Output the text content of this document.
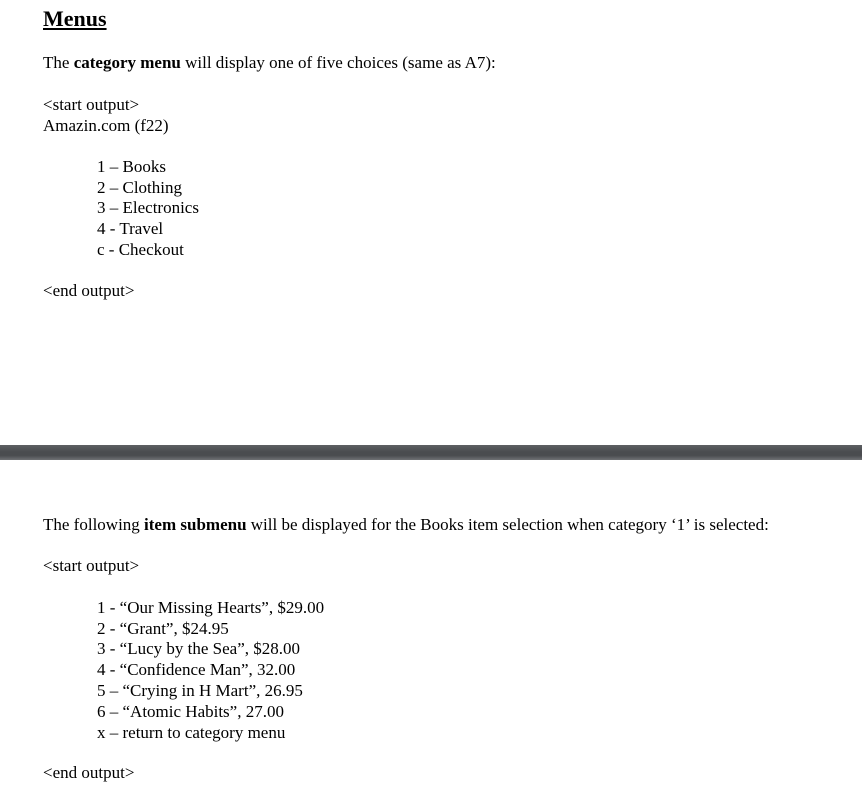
Menus
The category menu will display one of five choices (same as A7):
<start output>
Amazin.com (f22)
1 – Books
2 – Clothing
3 – Electronics
4 - Travel
c - Checkout
<end output>
The following item submenu will be displayed for the Books item selection when category ‘1’ is selected:
<start output>
1 - “Our Missing Hearts”, $29.00
2 - “Grant”, $24.95
3 - “Lucy by the Sea”, $28.00
4 - “Confidence Man”, 32.00
5 – “Crying in H Mart”, 26.95
6 – “Atomic Habits”, 27.00
x – return to category menu
<end output>
